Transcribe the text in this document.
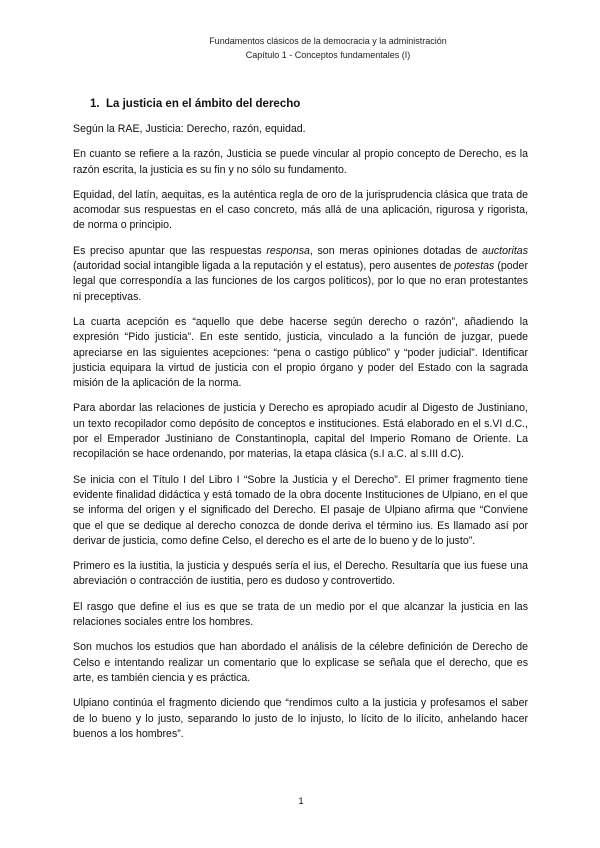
Fundamentos clásicos de la democracia y la administración
Capítulo 1 - Conceptos fundamentales (I)
1. La justicia en el ámbito del derecho

Según la RAE, Justicia: Derecho, razón, equidad.

En cuanto se refiere a la razón, Justicia se puede vincular al propio concepto de Derecho, es la razón escrita, la justicia es su fin y no sólo su fundamento.

Equidad, del latín, aequitas, es la auténtica regla de oro de la jurisprudencia clásica que trata de acomodar sus respuestas en el caso concreto, más allá de una aplicación, rigurosa y rigorista, de norma o principio.

Es preciso apuntar que las respuestas responsa, son meras opiniones dotadas de auctoritas (autoridad social intangible ligada a la reputación y el estatus), pero ausentes de potestas (poder legal que correspondía a las funciones de los cargos políticos), por lo que no eran protestantes ni preceptivas.

La cuarta acepción es “aquello que debe hacerse según derecho o razón”, añadiendo la expresión “Pido justicia”. En este sentido, justicia, vinculado a la función de juzgar, puede apreciarse en las siguientes acepciones: “pena o castigo público” y “poder judicial”. Identificar justicia equipara la virtud de justicia con el propio órgano y poder del Estado con la sagrada misión de la aplicación de la norma.

Para abordar las relaciones de justicia y Derecho es apropiado acudir al Digesto de Justiniano, un texto recopilador como depósito de conceptos e instituciones. Está elaborado en el s.VI d.C., por el Emperador Justiniano de Constantinopla, capital del Imperio Romano de Oriente. La recopilación se hace ordenando, por materias, la etapa clásica (s.I a.C. al s.III d.C).

Se inicia con el Título I del Libro I “Sobre la Justicia y el Derecho”. El primer fragmento tiene evidente finalidad didáctica y está tomado de la obra docente Instituciones de Ulpiano, en el que se informa del origen y el significado del Derecho. El pasaje de Ulpiano afirma que “Conviene que el que se dedique al derecho conozca de donde deriva el término ius. Es llamado así por derivar de justicia, como define Celso, el derecho es el arte de lo bueno y de lo justo”.

Primero es la iustitia, la justicia y después sería el ius, el Derecho. Resultaría que ius fuese una abreviación o contracción de iustitia, pero es dudoso y controvertido.

El rasgo que define el ius es que se trata de un medio por el que alcanzar la justicia en las relaciones sociales entre los hombres.

Son muchos los estudios que han abordado el análisis de la célebre definición de Derecho de Celso e intentando realizar un comentario que lo explicase se señala que el derecho, que es arte, es también ciencia y es práctica.

Ulpiano continúa el fragmento diciendo que “rendimos culto a la justicia y profesamos el saber de lo bueno y lo justo, separando lo justo de lo injusto, lo lícito de lo ilícito, anhelando hacer buenos a los hombres”.

1
